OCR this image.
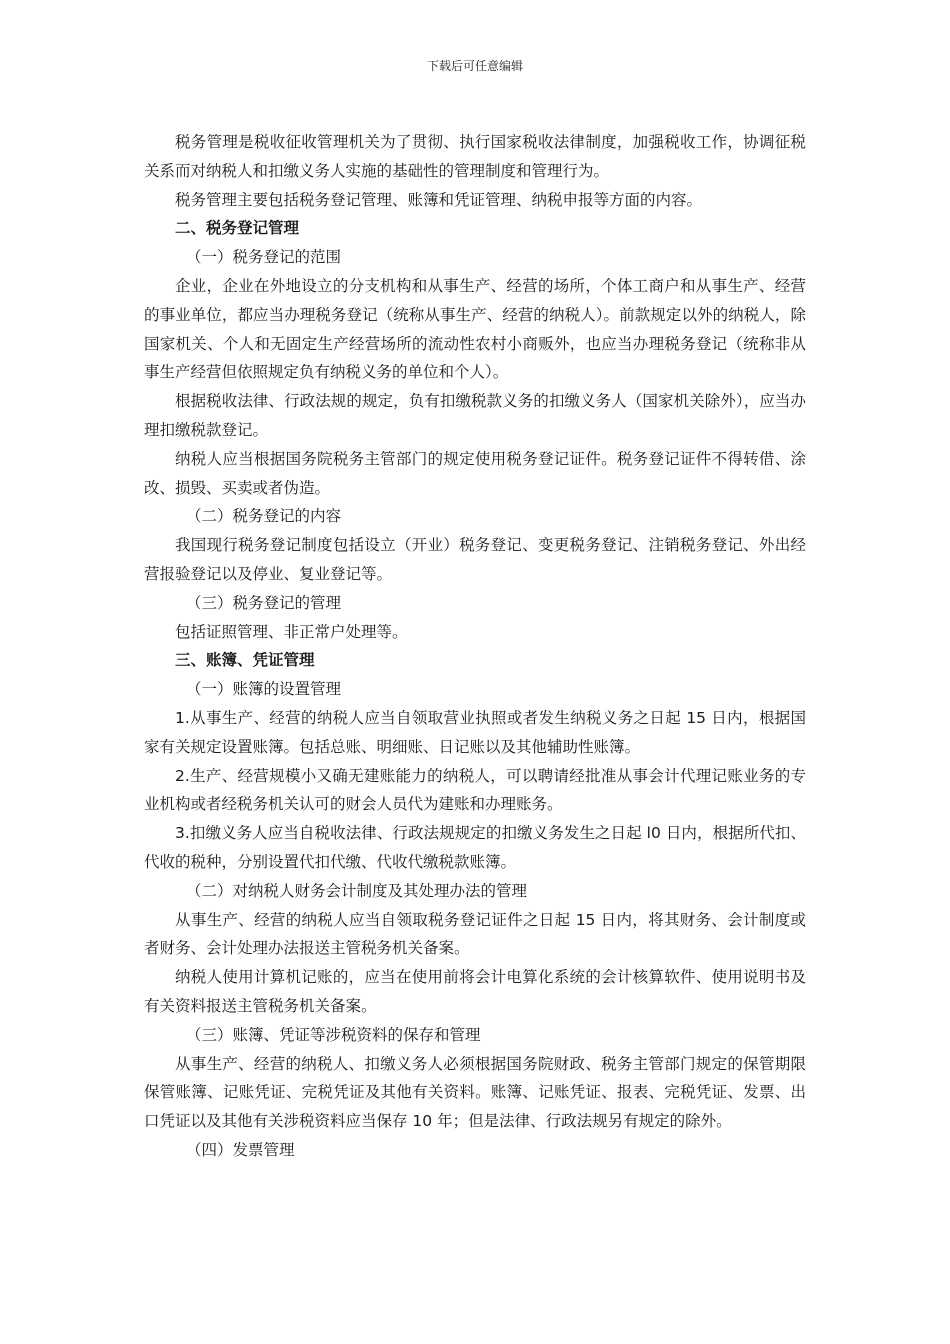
下载后可任意编辑

税务管理是税收征收管理机关为了贯彻、执行国家税收法律制度，加强税收工作，协调征税关系而对纳税人和扣缴义务人实施的基础性的管理制度和管理行为。

税务管理主要包括税务登记管理、账簿和凭证管理、纳税申报等方面的内容。

二、税务登记管理

（一）税务登记的范围

企业，企业在外地设立的分支机构和从事生产、经营的场所，个体工商户和从事生产、经营的事业单位，都应当办理税务登记（统称从事生产、经营的纳税人）。前款规定以外的纳税人，除国家机关、个人和无固定生产经营场所的流动性农村小商贩外，也应当办理税务登记（统称非从事生产经营但依照规定负有纳税义务的单位和个人）。

根据税收法律、行政法规的规定，负有扣缴税款义务的扣缴义务人（国家机关除外），应当办理扣缴税款登记。

纳税人应当根据国务院税务主管部门的规定使用税务登记证件。税务登记证件不得转借、涂改、损毁、买卖或者伪造。

（二）税务登记的内容

我国现行税务登记制度包括设立（开业）税务登记、变更税务登记、注销税务登记、外出经营报验登记以及停业、复业登记等。

（三）税务登记的管理

包括证照管理、非正常户处理等。

三、账簿、凭证管理

（一）账簿的设置管理

1.从事生产、经营的纳税人应当自领取营业执照或者发生纳税义务之日起 15 日内，根据国家有关规定设置账簿。包括总账、明细账、日记账以及其他辅助性账簿。

2.生产、经营规模小又确无建账能力的纳税人，可以聘请经批准从事会计代理记账业务的专业机构或者经税务机关认可的财会人员代为建账和办理账务。

3.扣缴义务人应当自税收法律、行政法规规定的扣缴义务发生之日起 l0 日内，根据所代扣、代收的税种，分别设置代扣代缴、代收代缴税款账簿。

（二）对纳税人财务会计制度及其处理办法的管理

从事生产、经营的纳税人应当自领取税务登记证件之日起 15 日内，将其财务、会计制度或者财务、会计处理办法报送主管税务机关备案。

纳税人使用计算机记账的，应当在使用前将会计电算化系统的会计核算软件、使用说明书及有关资料报送主管税务机关备案。

（三）账簿、凭证等涉税资料的保存和管理

从事生产、经营的纳税人、扣缴义务人必须根据国务院财政、税务主管部门规定的保管期限保管账簿、记账凭证、完税凭证及其他有关资料。账簿、记账凭证、报表、完税凭证、发票、出口凭证以及其他有关涉税资料应当保存 10 年；但是法律、行政法规另有规定的除外。

（四）发票管理
